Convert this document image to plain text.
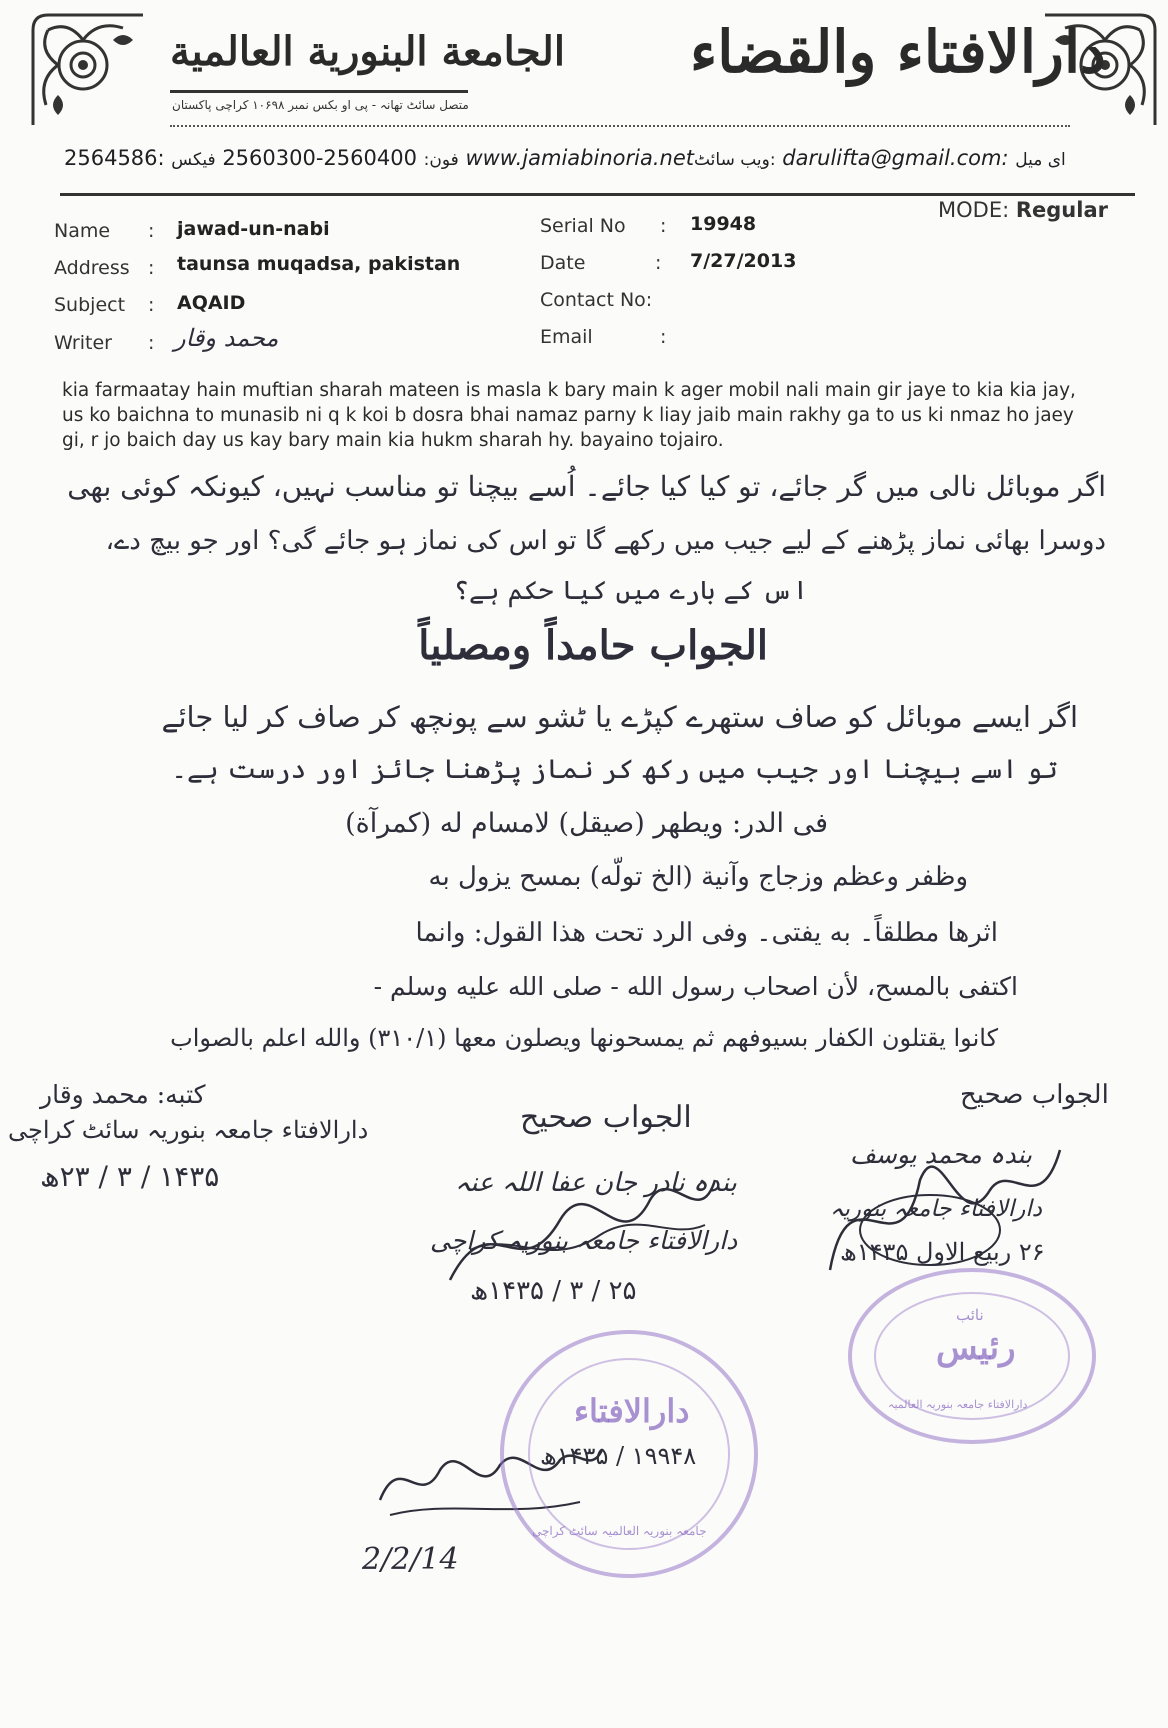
الجامعة البنورية العالمية
متصل سائٹ تھانہ - پی او بکس نمبر ۱۰۶۹۸ کراچی پاکستان
دارالافتاء والقضاء
2564586: فیکس 2560300-2560400 فون: www.jamiabinoria.net:ویب سائٹ darulifta@gmail.com: ای میل
MODE: Regular
Name : jawad-un-nabi
Address : taunsa muqadsa, pakistan
Subject : AQAID
Writer : محمد وقار
Serial No : 19948
Date	: 7/27/2013
Contact No:
Email	:
kia farmaatay hain muftian sharah mateen is masla k bary main k ager mobil nali main gir jaye to kia kia jay, us ko baichna to munasib ni q k koi b dosra bhai namaz parny k liay jaib main rakhy ga to us ki nmaz ho jaey gi, r jo baich day us kay bary main kia hukm sharah hy. bayaino tojairo.
اگر موبائل نالی میں گر جائے، تو کیا کیا جائے۔ اُسے بیچنا تو مناسب نہیں، کیونکہ کوئی بھی
دوسرا بھائی نماز پڑھنے کے لیے جیب میں رکھے گا تو اس کی نماز ہو جائے گی؟ اور جو بیچ دے،
اس کے بارے میں کیا حکم ہے؟
الجواب حامداً ومصلیاً
اگر ایسے موبائل کو صاف ستھرے کپڑے یا ٹشو سے پونچھ کر صاف کر لیا جائے
تو اسے بیچنا اور جیب میں رکھ کر نماز پڑھنا جائز اور درست ہے۔
فی الدر: ویطھر (صیقل) لامسام له (کمرآة)
وظفر وعظم وزجاج وآنية (الخ تولّه) بمسح يزول به
اثرھا مطلقاً۔ به يفتى۔ وفى الرد تحت هذا القول: وانما
اکتفى بالمسح، لأن اصحاب رسول الله - صلى الله عليه وسلم -
كانوا يقتلون الكفار بسيوفهم ثم يمسحونها ويصلون معها (۳۱۰/۱) والله اعلم بالصواب
کتبه: محمد وقار
دارالافتاء جامعہ بنوریہ سائٹ کراچی
۱۴۳۵ / ۳ / ۲۳ھ
الجواب صحیح
بندہ نادر جان عفا اللہ عنہ
دارالافتاء جامعہ بنوریہ کراچی
۲۵ / ۳ / ۱۴۳۵ھ
الجواب صحیح
بندہ محمد یوسف
دارالافتاء جامعہ بنوریہ
۲۶ ربیع الاول ۱۴۳۵ھ
دارالافتاء
جامعہ بنوریہ العالمیہ سائٹ کراچی
نائب
رئیس
دارالافتاء جامعہ بنوریہ العالمیہ
۱۹۹۴۸ / ۱۴۳۵ھ
2/2/14
